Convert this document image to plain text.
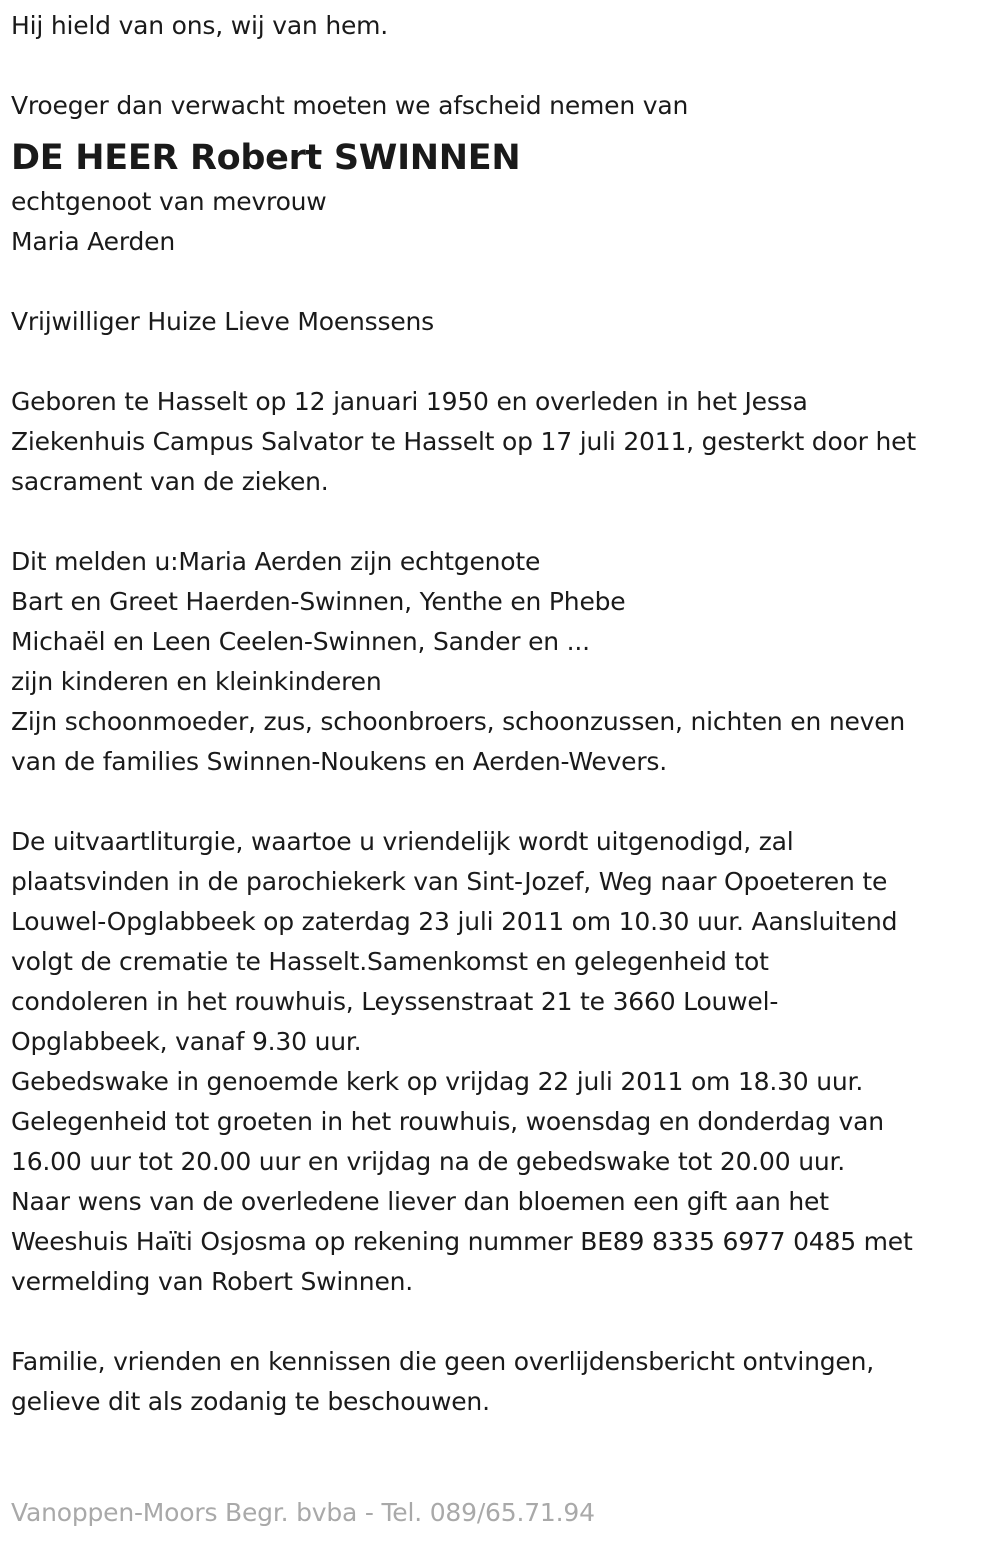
Hij hield van ons, wij van hem.
Vroeger dan verwacht moeten we afscheid nemen van
DE HEER Robert SWINNEN
echtgenoot van mevrouw
Maria Aerden
Vrijwilliger Huize Lieve Moenssens
Geboren te Hasselt op 12 januari 1950 en overleden in het Jessa
Ziekenhuis Campus Salvator te Hasselt op 17 juli 2011, gesterkt door het
sacrament van de zieken.
Dit melden u:Maria Aerden zijn echtgenote
Bart en Greet Haerden-Swinnen, Yenthe en Phebe
Michaël en Leen Ceelen-Swinnen, Sander en ...
zijn kinderen en kleinkinderen
Zijn schoonmoeder, zus, schoonbroers, schoonzussen, nichten en neven
van de families Swinnen-Noukens en Aerden-Wevers.
De uitvaartliturgie, waartoe u vriendelijk wordt uitgenodigd, zal
plaatsvinden in de parochiekerk van Sint-Jozef, Weg naar Opoeteren te
Louwel-Opglabbeek op zaterdag 23 juli 2011 om 10.30 uur. Aansluitend
volgt de crematie te Hasselt.Samenkomst en gelegenheid tot
condoleren in het rouwhuis, Leyssenstraat 21 te 3660 Louwel-
Opglabbeek, vanaf 9.30 uur.
Gebedswake in genoemde kerk op vrijdag 22 juli 2011 om 18.30 uur.
Gelegenheid tot groeten in het rouwhuis, woensdag en donderdag van
16.00 uur tot 20.00 uur en vrijdag na de gebedswake tot 20.00 uur.
Naar wens van de overledene liever dan bloemen een gift aan het
Weeshuis Haïti Osjosma op rekening nummer BE89 8335 6977 0485 met
vermelding van Robert Swinnen.
Familie, vrienden en kennissen die geen overlijdensbericht ontvingen,
gelieve dit als zodanig te beschouwen.
Vanoppen-Moors Begr. bvba - Tel. 089/65.71.94
